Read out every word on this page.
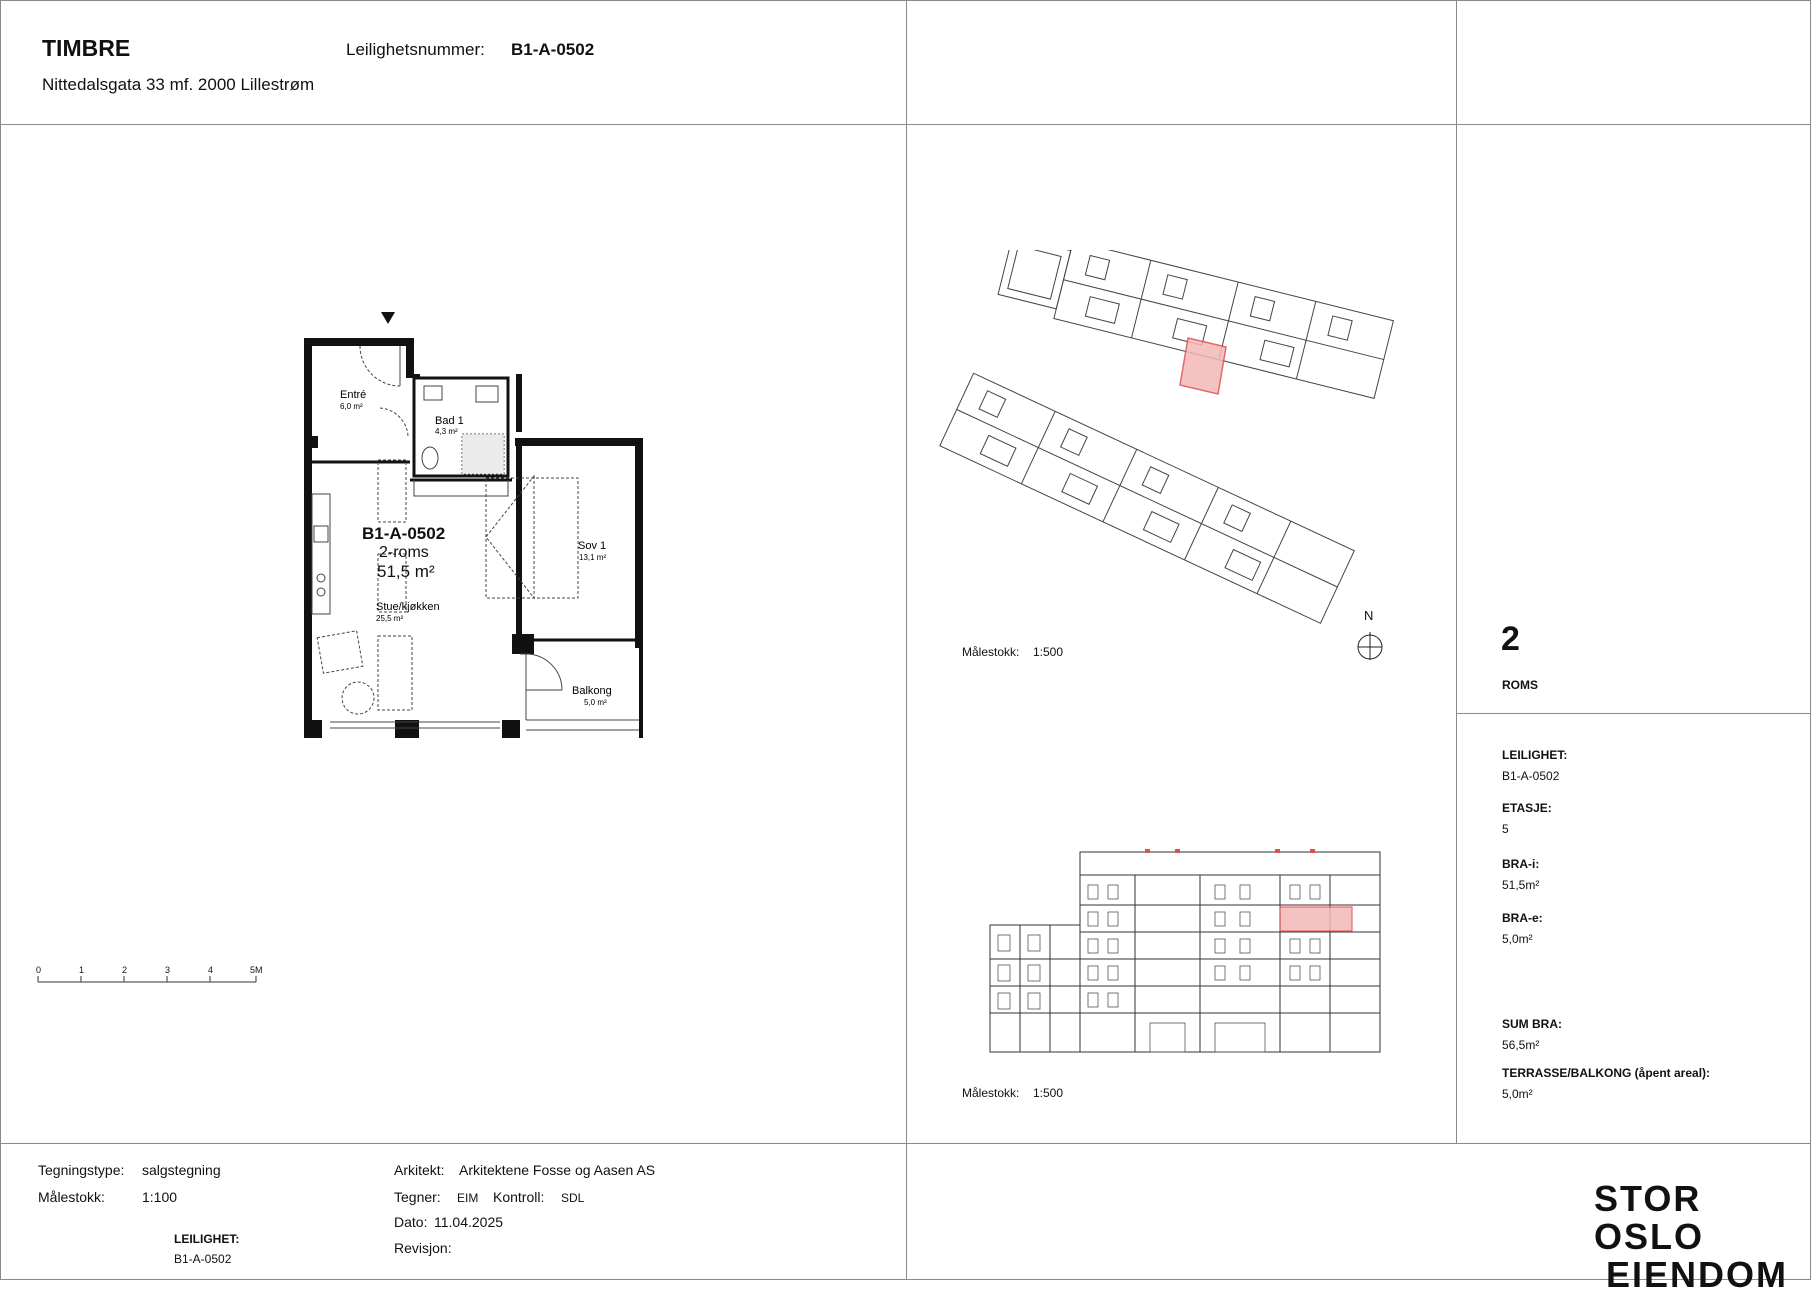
TIMBRE
Nittedalsgata 33 mf. 2000 Lillestrøm
Leilighetsnummer: B1-A-0502
Entré
6,0 m²
Bad 1
4,3 m²
Sov 1
13,1 m²
Stue/kjøkken
25,5 m²
Balkong
5,0 m²
B1-A-0502
2-roms
51,5 m²
0	1	2	3	4	5M
N
Målestokk: 1:500
Målestokk: 1:500
2
ROMS
LEILIGHET:
B1-A-0502
ETASJE:
5
BRA-i:
51,5m²
BRA-e:
5,0m²
SUM BRA:
56,5m²
TERRASSE/BALKONG (åpent areal):
5,0m²
Tegningstype: salgstegning
Målestokk:	1:100
LEILIGHET:
B1-A-0502
Arkitekt: Arkitektene Fosse og Aasen AS
Tegner: EIM Kontroll: SDL
Dato: 11.04.2025
Revisjon:
STOR OSLO
EIENDOM
